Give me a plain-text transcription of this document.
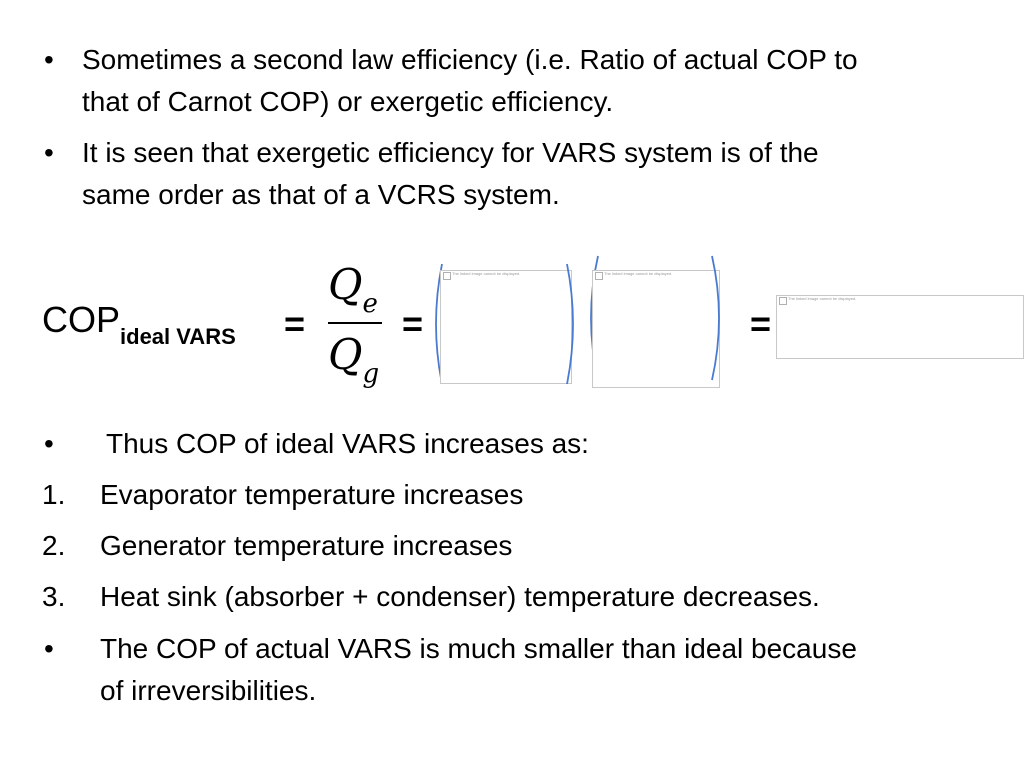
•	Sometimes a second law efficiency (i.e. Ratio of actual COP to
that of Carnot COP) or exergetic efficiency.
•	It is seen that exergetic efficiency for VARS system is of the
same order as that of a VCRS system.
$COP_{ideal VARS}$ =
$Q_e$
$Q_g$
=
The linked image cannot be displayed.	The linked image cannot be displayed.
=
The linked image cannot be displayed.
•	Thus COP of ideal VARS increases as:
1. Evaporator temperature increases
2. Generator temperature increases
3. Heat sink (absorber + condenser) temperature decreases.
•	The COP of actual VARS is much smaller than ideal because
of irreversibilities.
